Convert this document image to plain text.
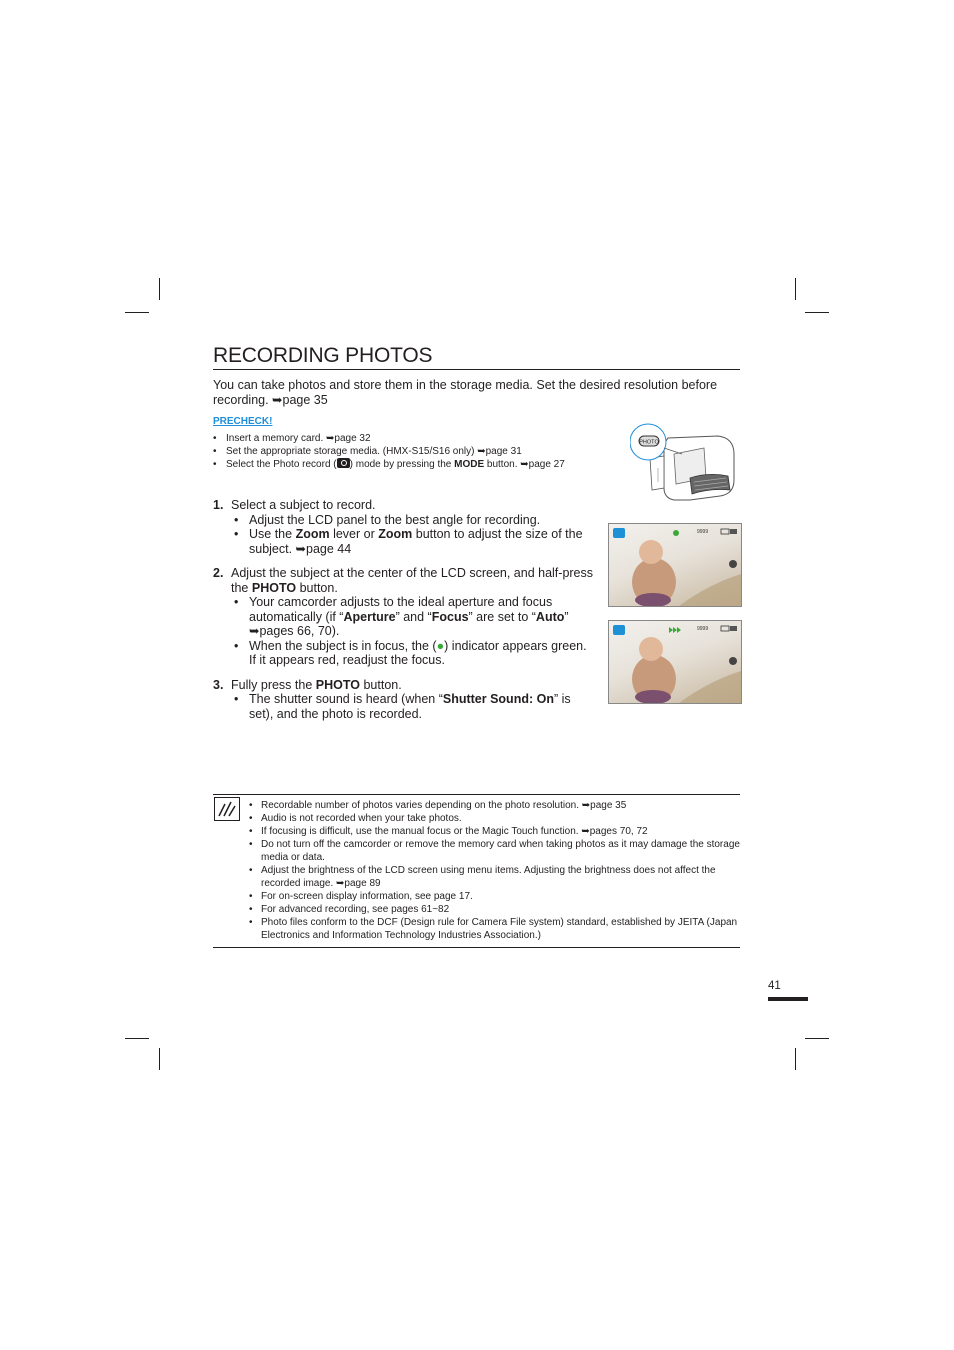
RECORDING PHOTOS
You can take photos and store them in the storage media. Set the desired resolution before recording. ➥page 35
PRECHECK!
• Insert a memory card. ➥page 32
• Set the appropriate storage media. (HMX-S15/S16 only) ➥page 31
• Select the Photo record ( ) mode by pressing the MODE button. ➥page 27
PHOTO
1. Select a subject to record.
• Adjust the LCD panel to the best angle for recording.
• Use the Zoom lever or Zoom button to adjust the size of the subject. ➥page 44
2. Adjust the subject at the center of the LCD screen, and half-press the PHOTO button.
• Your camcorder adjusts to the ideal aperture and focus automatically (if “Aperture” and “Focus” are set to “Auto” ➥pages 66, 70).
• When the subject is in focus, the (●) indicator appears green. If it appears red, readjust the focus.
3. Fully press the PHOTO button.
• The shutter sound is heard (when “Shutter Sound: On” is set), and the photo is recorded.
9999
9999
• Recordable number of photos varies depending on the photo resolution. ➥page 35
• Audio is not recorded when your take photos.
• If focusing is difficult, use the manual focus or the Magic Touch function. ➥pages 70, 72
• Do not turn off the camcorder or remove the memory card when taking photos as it may damage the storage media or data.
• Adjust the brightness of the LCD screen using menu items. Adjusting the brightness does not affect the recorded image. ➥page 89
• For on-screen display information, see page 17.
• For advanced recording, see pages 61~82
• Photo files conform to the DCF (Design rule for Camera File system) standard, established by JEITA (Japan Electronics and Information Technology Industries Association.)
41
